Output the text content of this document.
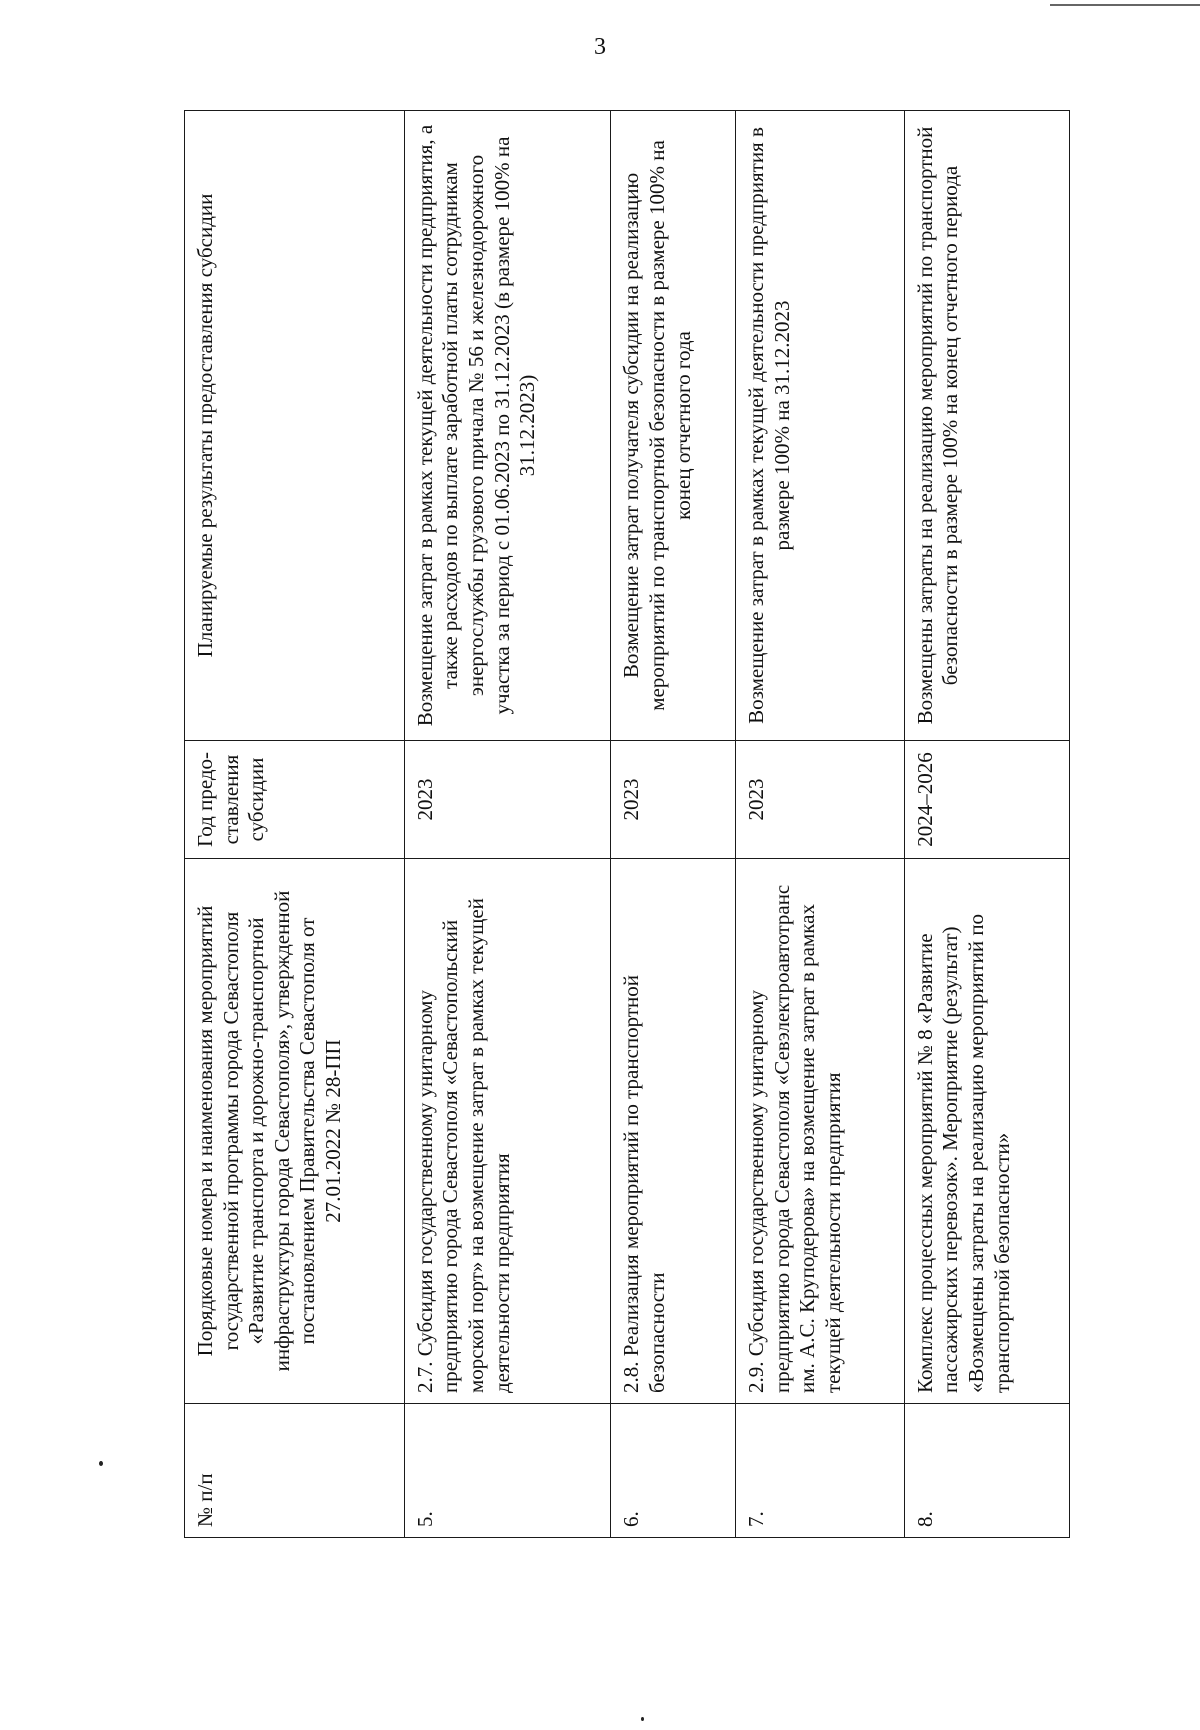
3
№ п/п	Порядковые номера и наименования мероприятий государственной программы города Севастополя «Развитие транспорта и дорожно-транспортной инфраструктуры города Севастополя», утвержденной постановлением Правительства Севастополя от 27.01.2022 № 28-ПП	Год предо-ставления субсидии	Планируемые результаты предоставления субсидии
5.	2.7. Субсидия государственному унитарному предприятию города Севастополя «Севастопольский морской порт» на возмещение затрат в рамках текущей деятельности предприятия	2023	Возмещение затрат в рамках текущей деятельности предприятия, а также расходов по выплате заработной платы сотрудникам энергослужбы грузового причала № 56 и железнодорожного участка за период с 01.06.2023 по 31.12.2023 (в размере 100% на 31.12.2023)
6.	2.8. Реализация мероприятий по транспортной безопасности	2023	Возмещение затрат получателя субсидии на реализацию мероприятий по транспортной безопасности в размере 100% на конец отчетного года
7.	2.9. Субсидия государственному унитарному предприятию города Севастополя «Севэлектроавтотранс им. А.С. Круподерова» на возмещение затрат в рамках текущей деятельности предприятия	2023	Возмещение затрат в рамках текущей деятельности предприятия в размере 100% на 31.12.2023
8.	Комплекс процессных мероприятий № 8 «Развитие пассажирских перевозок». Мероприятие (результат) «Возмещены затраты на реализацию мероприятий по транспортной безопасности»	2024–2026	Возмещены затраты на реализацию мероприятий по транспортной безопасности в размере 100% на конец отчетного периода
